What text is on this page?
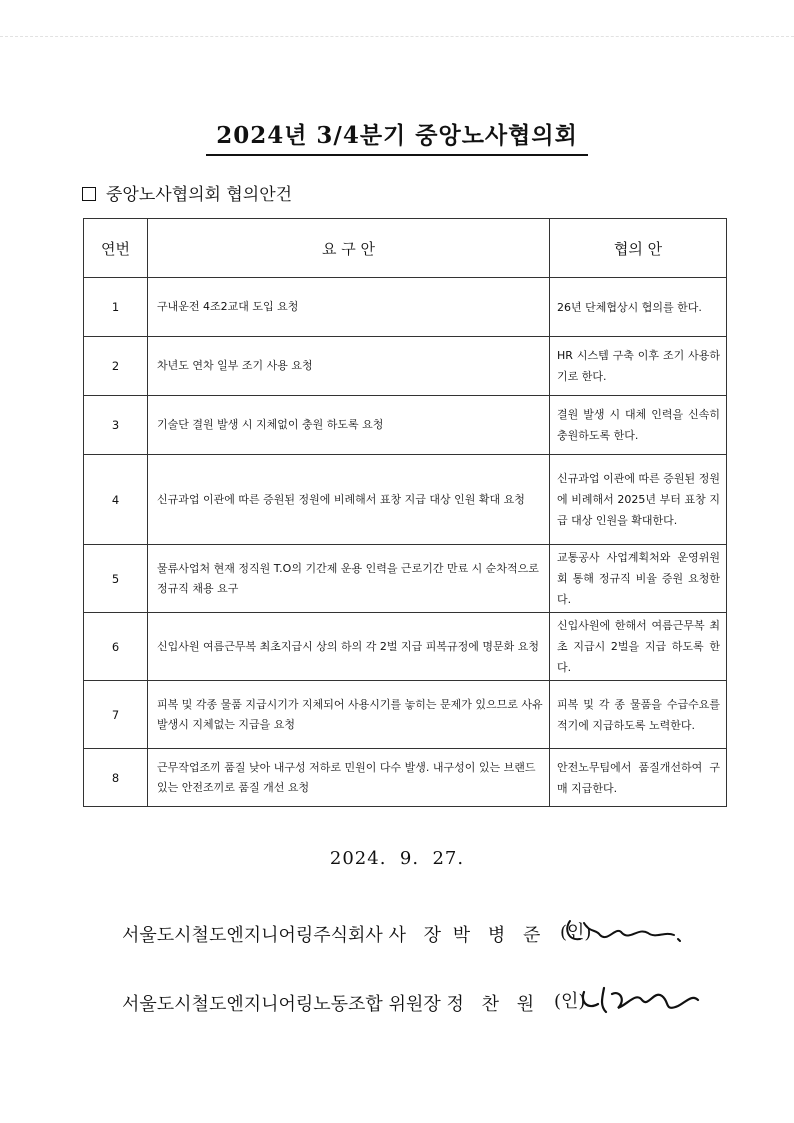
2024년 3/4분기 중앙노사협의회
중앙노사협의회 협의안건
연번	요 구 안	협의 안
1	구내운전 4조2교대 도입 요청	26년 단체협상시 협의를 한다.
2	차년도 연차 일부 조기 사용 요청	HR 시스템 구축 이후 조기 사용하기로 한다.
3	기술단 결원 발생 시 지체없이 충원 하도록 요청	결원 발생 시 대체 인력을 신속히 충원하도록 한다.
4	신규과업 이관에 따른 증원된 정원에 비례해서 표창 지급 대상 인원 확대 요청	신규과업 이관에 따른 증원된 정원에 비례해서 2025년 부터 표창 지급 대상 인원을 확대한다.
5	물류사업처 현재 정직원 T.O의 기간제 운용 인력을 근로기간 만료 시 순차적으로 정규직 채용 요구	교통공사 사업계획처와 운영위원회 통해 정규직 비율 증원 요청한다.
6	신입사원 여름근무복 최초지급시 상의 하의 각 2벌 지급 피복규정에 명문화 요청	신입사원에 한해서 여름근무복 최초 지급시 2벌을 지급 하도록 한다.
7	피복 및 각종 물품 지급시기가 지체되어 사용시기를 놓히는 문제가 있으므로 사유발생시 지체없는 지급을 요청	피복 및 각 종 물품을 수급수요를 적기에 지급하도록 노력한다.
8	근무작업조끼 품질 낮아 내구성 저하로 민원이 다수 발생. 내구성이 있는 브랜드 있는 안전조끼로 품질 개선 요청	안전노무팀에서 품질개선하여 구매 지급한다.
2024.  9.  27.
서울도시철도엔지니어링주식회사 사 장 박 병 준 (인)
서울도시철도엔지니어링노동조합 위원장 정 찬 원 (인)
